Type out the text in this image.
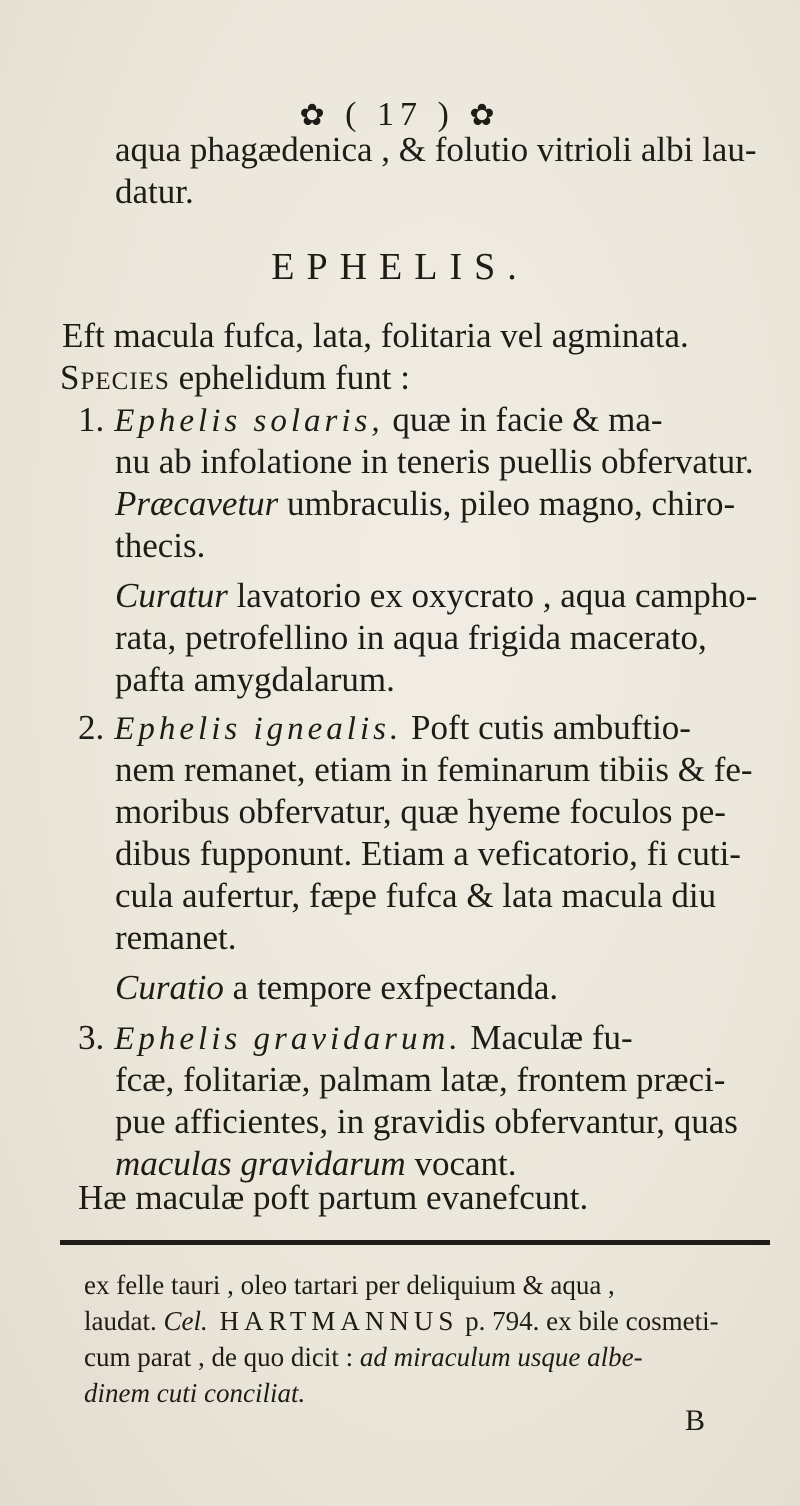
✿ ( 17 ) ✿
aqua phagædenica , & folutio vitrioli albi lau-
datur.
EPHELIS.
Eft macula fufca, lata, folitaria vel agminata.
Species ephelidum funt :
1. Ephelis solaris, quæ in facie & ma-
nu ab infolatione in teneris puellis obfervatur.
Præcavetur umbraculis, pileo magno, chiro-
thecis.
Curatur lavatorio ex oxycrato , aqua campho-
rata, petrofellino in aqua frigida macerato,
pafta amygdalarum.
2. Ephelis ignealis. Poft cutis ambuftio-
nem remanet, etiam in feminarum tibiis & fe-
moribus obfervatur, quæ hyeme foculos pe-
dibus fupponunt. Etiam a veficatorio, fi cuti-
cula aufertur, fæpe fufca & lata macula diu
remanet.
Curatio a tempore exfpectanda.
3. Ephelis gravidarum. Maculæ fu-
fcæ, folitariæ, palmam latæ, frontem præci-
pue afficientes, in gravidis obfervantur, quas
maculas gravidarum vocant.
Hæ maculæ poft partum evanefcunt.
ex felle tauri , oleo tartari per deliquium & aqua ,
laudat. Cel. HARTMANNUS p. 794. ex bile cosmeti-
cum parat , de quo dicit : ad miraculum usque albe-
dinem cuti conciliat.
B
